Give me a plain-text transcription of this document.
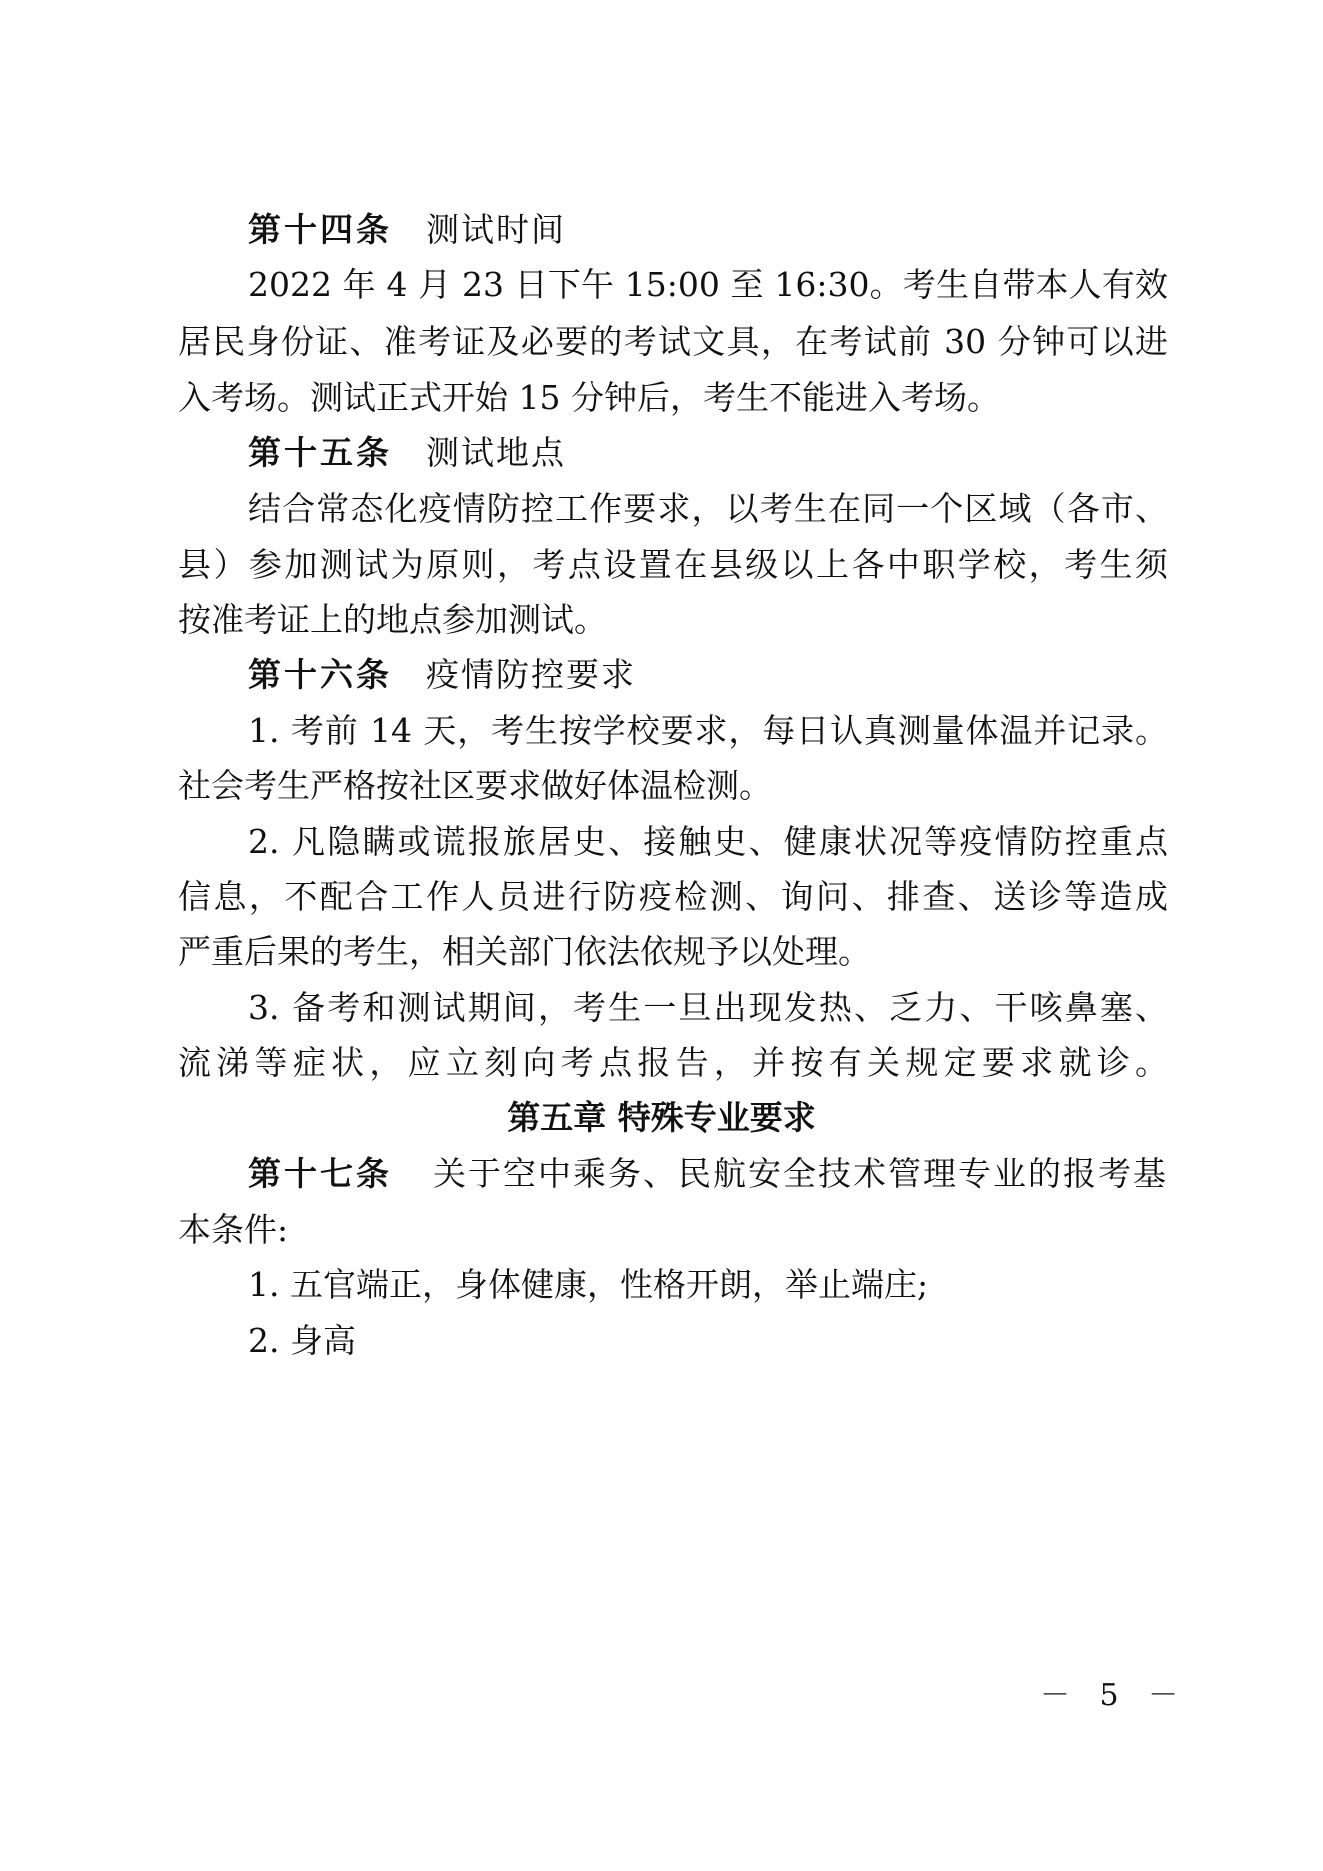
第十四条 测试时间
2022 年 4 月 23 日下午 15:00 至 16:30。考生自带本人有效
居民身份证、准考证及必要的考试文具，在考试前 30 分钟可以进
入考场。测试正式开始 15 分钟后，考生不能进入考场。
第十五条 测试地点
结合常态化疫情防控工作要求，以考生在同一个区域（各市、
县）参加测试为原则，考点设置在县级以上各中职学校，考生须
按准考证上的地点参加测试。
第十六条 疫情防控要求
1. 考前 14 天，考生按学校要求，每日认真测量体温并记录。
社会考生严格按社区要求做好体温检测。
2. 凡隐瞒或谎报旅居史、接触史、健康状况等疫情防控重点
信息，不配合工作人员进行防疫检测、询问、排查、送诊等造成
严重后果的考生，相关部门依法依规予以处理。
3. 备考和测试期间，考生一旦出现发热、乏力、干咳鼻塞、
流涕等症状，应立刻向考点报告，并按有关规定要求就诊。
第五章 特殊专业要求
第十七条 关于空中乘务、民航安全技术管理专业的报考基
本条件:
1. 五官端正，身体健康，性格开朗，举止端庄;
2. 身高
－ 5 －
